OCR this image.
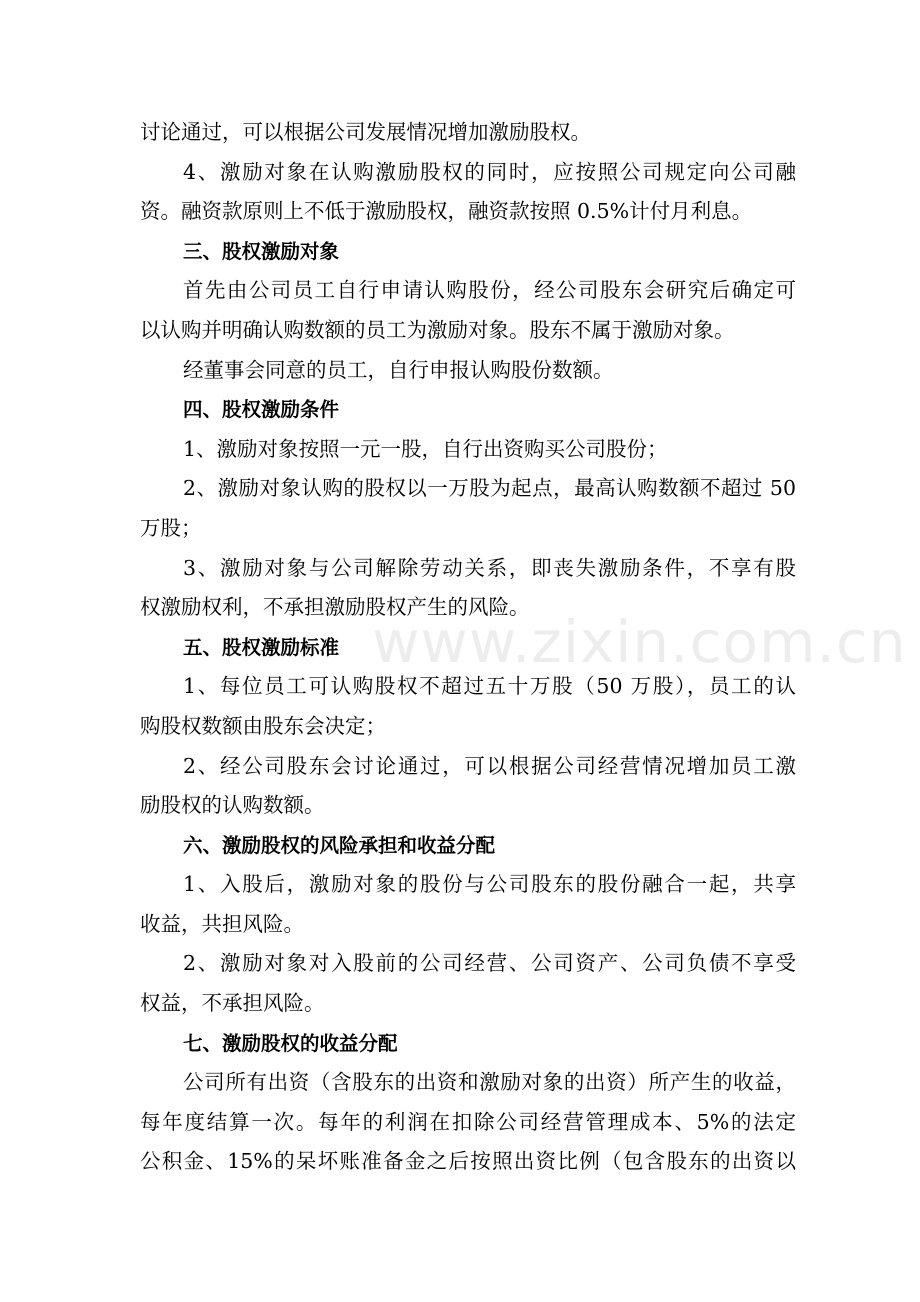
讨论通过，可以根据公司发展情况增加激励股权。
4、激励对象在认购激励股权的同时，应按照公司规定向公司融
资。融资款原则上不低于激励股权，融资款按照 0.5%计付月利息。
三、股权激励对象
首先由公司员工自行申请认购股份，经公司股东会研究后确定可
以认购并明确认购数额的员工为激励对象。股东不属于激励对象。
经董事会同意的员工，自行申报认购股份数额。
四、股权激励条件
1、激励对象按照一元一股，自行出资购买公司股份；
2、激励对象认购的股权以一万股为起点，最高认购数额不超过 50
万股；
3、激励对象与公司解除劳动关系，即丧失激励条件，不享有股
权激励权利，不承担激励股权产生的风险。
五、股权激励标准
1、每位员工可认购股权不超过五十万股（50 万股），员工的认
购股权数额由股东会决定；
2、经公司股东会讨论通过，可以根据公司经营情况增加员工激
励股权的认购数额。
六、激励股权的风险承担和收益分配
1、入股后，激励对象的股份与公司股东的股份融合一起，共享
收益，共担风险。
2、激励对象对入股前的公司经营、公司资产、公司负债不享受
权益，不承担风险。
七、激励股权的收益分配
公司所有出资（含股东的出资和激励对象的出资）所产生的收益，
每年度结算一次。每年的利润在扣除公司经营管理成本、5%的法定
公积金、15%的呆坏账准备金之后按照出资比例（包含股东的出资以
www.zixin.com.cn
